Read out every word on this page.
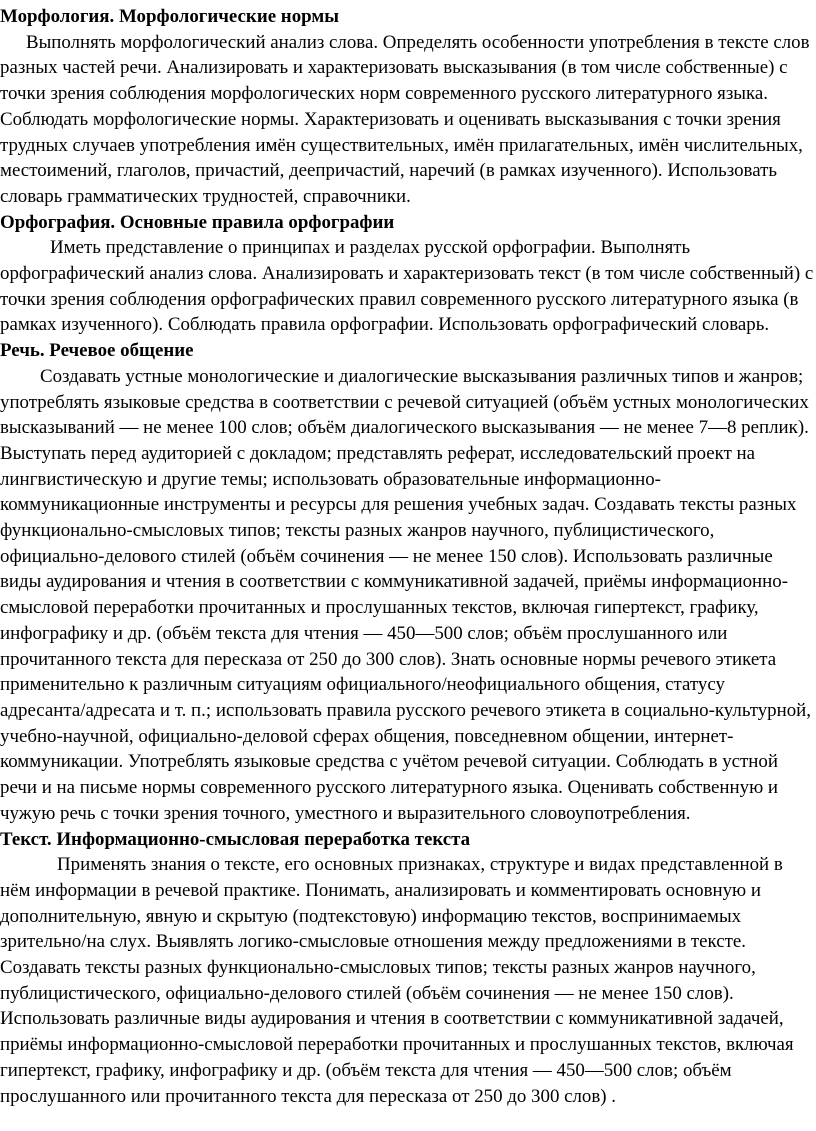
Морфология. Морфологические нормы

Выполнять морфологический анализ слова. Определять особенности употребления в тексте слов разных частей речи. Анализировать и характеризовать высказывания (в том числе собственные) с точки зрения соблюдения морфологических норм современного русского литературного языка. Соблюдать морфологические нормы. Характеризовать и оценивать высказывания с точки зрения трудных случаев употребления имён существительных, имён прилагательных, имён числительных, местоимений, глаголов, причастий, деепричастий, наречий (в рамках изученного). Использовать словарь грамматических трудностей, справочники.

Орфография. Основные правила орфографии

Иметь представление о принципах и разделах русской орфографии. Выполнять орфографический анализ слова. Анализировать и характеризовать текст (в том числе собственный) с точки зрения соблюдения орфографических правил современного русского литературного языка (в рамках изученного). Соблюдать правила орфографии. Использовать орфографический словарь.

Речь. Речевое общение

Создавать устные монологические и диалогические высказывания различных типов и жанров; употреблять языковые средства в соответствии с речевой ситуацией (объём устных монологических высказываний — не менее 100 слов; объём диалогического высказывания — не менее 7—8 реплик). Выступать перед аудиторией с докладом; представлять реферат, исследовательский проект на лингвистическую и другие темы; использовать образовательные информационно- коммуникационные инструменты и ресурсы для решения учебных задач. Создавать тексты разных функционально-смысловых типов; тексты разных жанров научного, публицистического, официально-делового стилей (объём сочинения — не менее 150 слов). Использовать различные виды аудирования и чтения в соответствии с коммуникативной задачей, приёмы информационно-смысловой переработки прочитанных и прослушанных текстов, включая гипертекст, графику, инфографику и др. (объём текста для чтения — 450—500 слов; объём прослушанного или прочитанного текста для пересказа от 250 до 300 слов). Знать основные нормы речевого этикета применительно к различным ситуациям официального/неофициального общения, статусу адресанта/адресата и т. п.; использовать правила русского речевого этикета в социально-культурной, учебно-научной, официально-деловой сферах общения, повседневном общении, интернет-коммуникации. Употреблять языковые средства с учётом речевой ситуации. Соблюдать в устной речи и на письме нормы современного русского литературного языка. Оценивать собственную и чужую речь с точки зрения точного, уместного и выразительного словоупотребления.

Текст. Информационно-смысловая переработка текста

Применять знания о тексте, его основных признаках, структуре и видах представленной в нём информации в речевой практике. Понимать, анализировать и комментировать основную и дополнительную, явную и скрытую (подтекстовую) информацию текстов, воспринимаемых зрительно/на слух. Выявлять логико-смысловые отношения между предложениями в тексте. Создавать тексты разных функционально-смысловых типов; тексты разных жанров научного, публицистического, официально-делового стилей (объём сочинения — не менее 150 слов). Использовать различные виды аудирования и чтения в соответствии с коммуникативной задачей, приёмы информационно-смысловой переработки прочитанных и прослушанных текстов, включая гипертекст, графику, инфографику и др. (объём текста для чтения — 450—500 слов; объём прослушанного или прочитанного текста для пересказа от 250 до 300 слов) .
